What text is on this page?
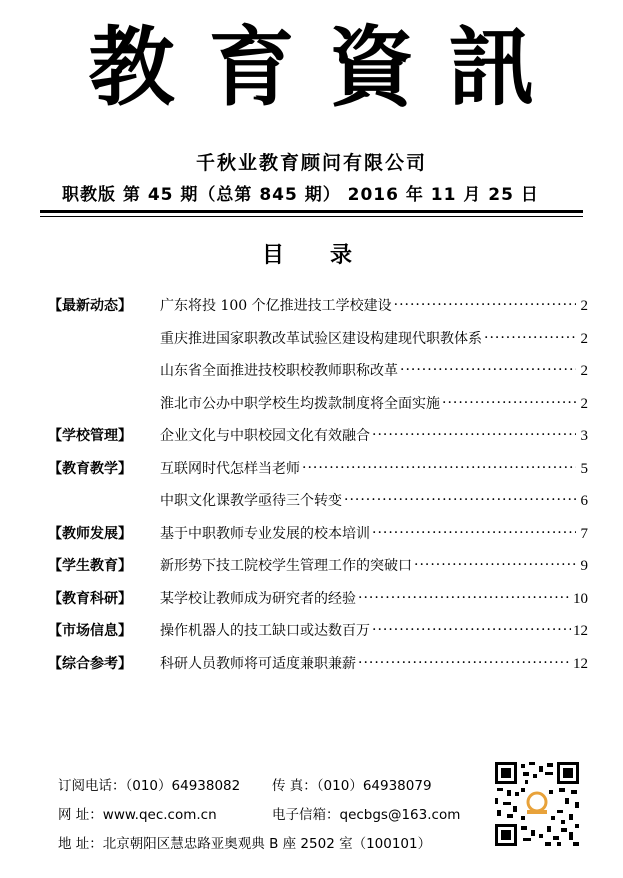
教育資訊
千秋业教育顾问有限公司
职教版 第 45 期（总第 845 期） 2016 年 11 月 25 日
目录
【最新动态】	广东将投 100 个亿推进技工学校建设 ·····	2
重庆推进国家职教改革试验区建设构建现代职教体系 ·····	2
山东省全面推进技校职校教师职称改革 ·····	2
淮北市公办中职学校生均拨款制度将全面实施 ·····	2
【学校管理】	企业文化与中职校园文化有效融合 ·····	3
【教育教学】	互联网时代怎样当老师 ·····	5
中职文化课教学亟待三个转变 ·····	6
【教师发展】	基于中职教师专业发展的校本培训 ·····	7
【学生教育】	新形势下技工院校学生管理工作的突破口 ·····	9
【教育科研】	某学校让教师成为研究者的经验 ·····	10
【市场信息】	操作机器人的技工缺口或达数百万 ·····	12
【综合参考】	科研人员教师将可适度兼职兼薪 ·····	12
订阅电话：（010）64938082 传 真：（010）64938079
网 址：www.qec.com.cn	电子信箱：qecbgs@163.com
地 址：北京朝阳区慧忠路亚奥观典 B 座 2502 室（100101）
